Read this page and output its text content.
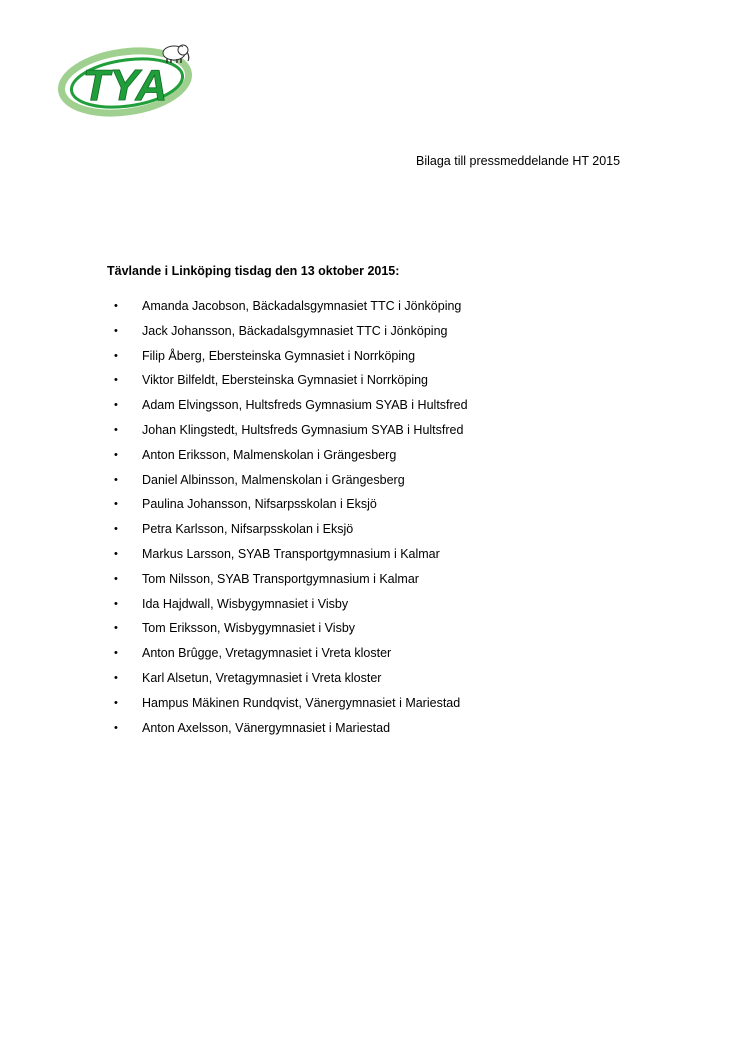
TYA
Bilaga till pressmeddelande HT 2015
Tävlande i Linköping tisdag den 13 oktober 2015:
• Amanda Jacobson, Bäckadalsgymnasiet TTC i Jönköping
• Jack Johansson, Bäckadalsgymnasiet TTC i Jönköping
• Filip Åberg, Ebersteinska Gymnasiet i Norrköping
• Viktor Bilfeldt, Ebersteinska Gymnasiet i Norrköping
• Adam Elvingsson, Hultsfreds Gymnasium SYAB i Hultsfred
• Johan Klingstedt, Hultsfreds Gymnasium SYAB i Hultsfred
• Anton Eriksson, Malmenskolan i Grängesberg
• Daniel Albinsson, Malmenskolan i Grängesberg
• Paulina Johansson, Nifsarpsskolan i Eksjö
• Petra Karlsson, Nifsarpsskolan i Eksjö
• Markus Larsson, SYAB Transportgymnasium i Kalmar
• Tom Nilsson, SYAB Transportgymnasium i Kalmar
• Ida Hajdwall, Wisbygymnasiet i Visby
• Tom Eriksson, Wisbygymnasiet i Visby
• Anton Brûgge, Vretagymnasiet i Vreta kloster
• Karl Alsetun, Vretagymnasiet i Vreta kloster
• Hampus Mäkinen Rundqvist, Vänergymnasiet i Mariestad
• Anton Axelsson, Vänergymnasiet i Mariestad
